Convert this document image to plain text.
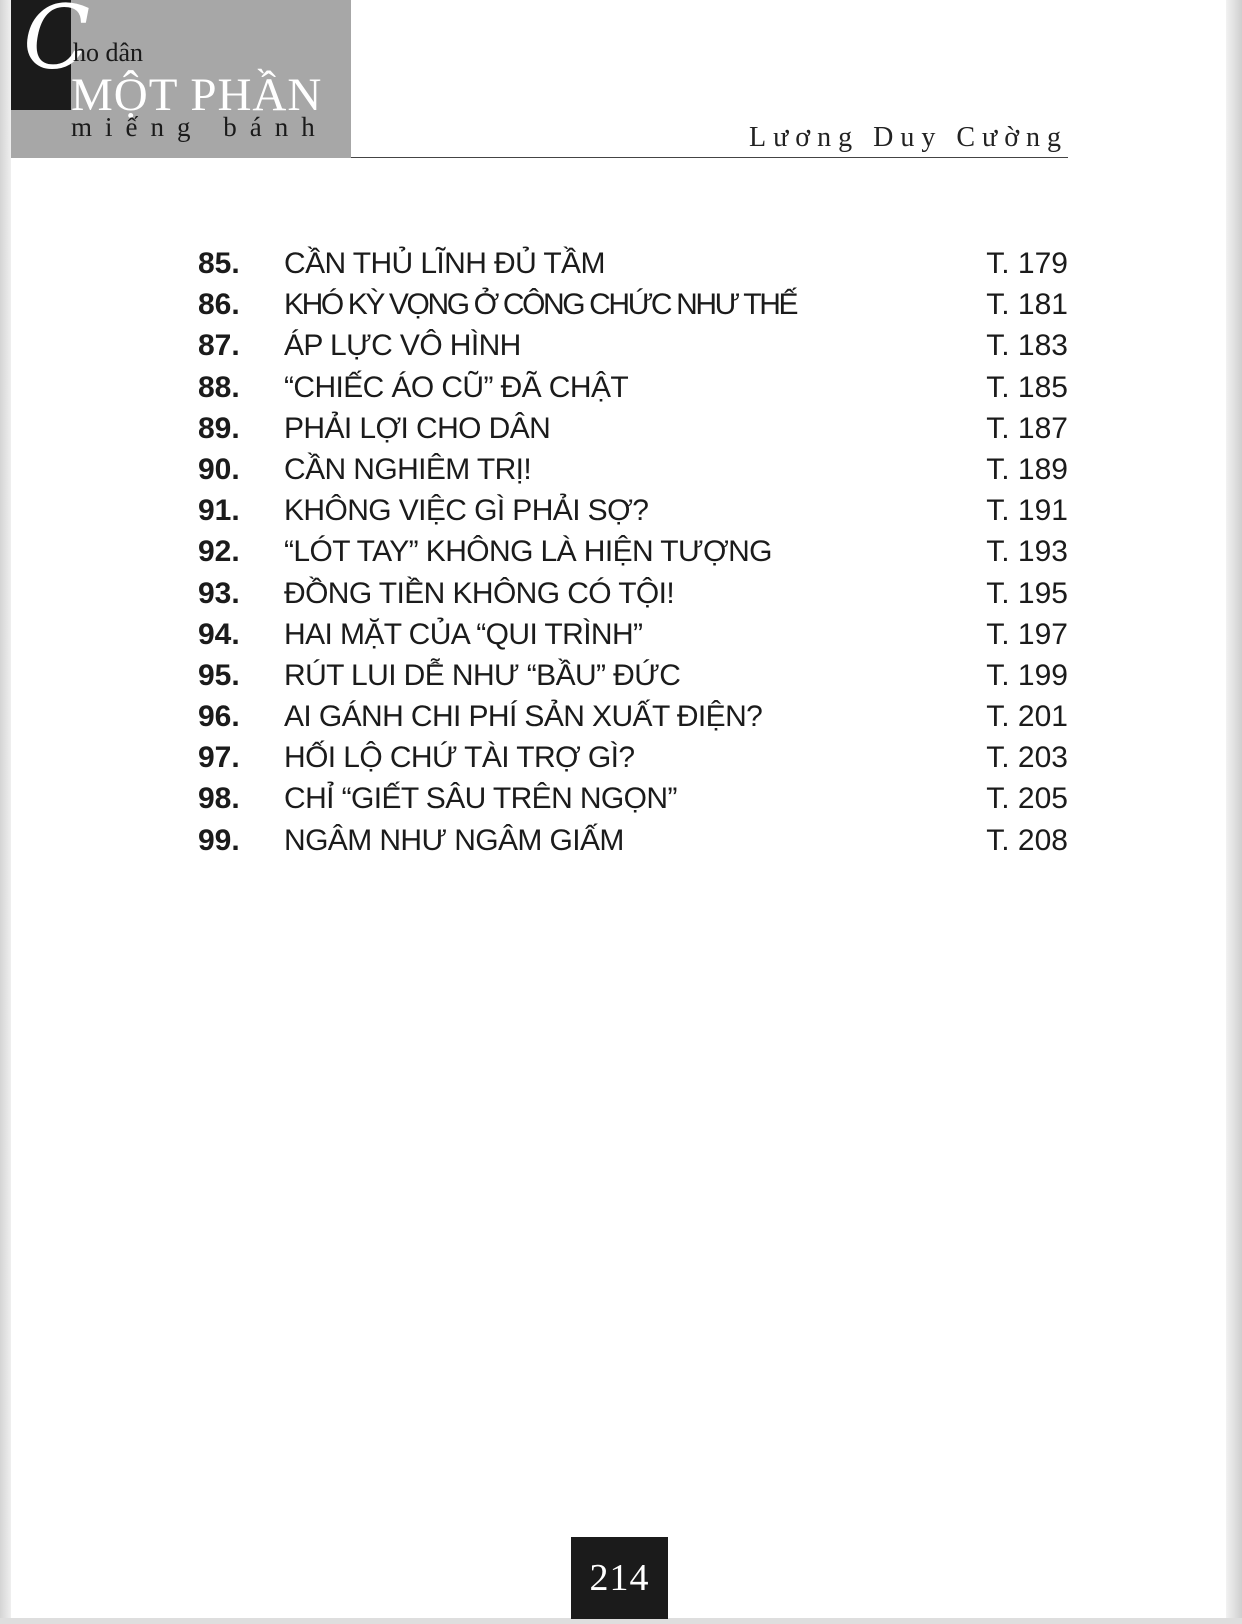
C
ho dân
MỘT PHẦN
miếng bánh	Lương Duy Cường
85. CẦN THỦ LĨNH ĐỦ TẦM	T. 179
86. KHÓ KỲ VỌNG Ở CÔNG CHỨC NHƯ THẾ	T. 181
87. ÁP LỰC VÔ HÌNH	T. 183
88. “CHIẾC ÁO CŨ” ĐÃ CHẬT	T. 185
89. PHẢI LỢI CHO DÂN	T. 187
90. CẦN NGHIÊM TRỊ!	T. 189
91. KHÔNG VIỆC GÌ PHẢI SỢ?	T. 191
92. “LÓT TAY” KHÔNG LÀ HIỆN TƯỢNG	T. 193
93. ĐỒNG TIỀN KHÔNG CÓ TỘI!	T. 195
94. HAI MẶT CỦA “QUI TRÌNH”	T. 197
95. RÚT LUI DỄ NHƯ “BẦU” ĐỨC	T. 199
96. AI GÁNH CHI PHÍ SẢN XUẤT ĐIỆN?	T. 201
97. HỐI LỘ CHỨ TÀI TRỢ GÌ?	T. 203
98. CHỈ “GIẾT SÂU TRÊN NGỌN”	T. 205
99. NGÂM NHƯ NGÂM GIẤM	T. 208
214
